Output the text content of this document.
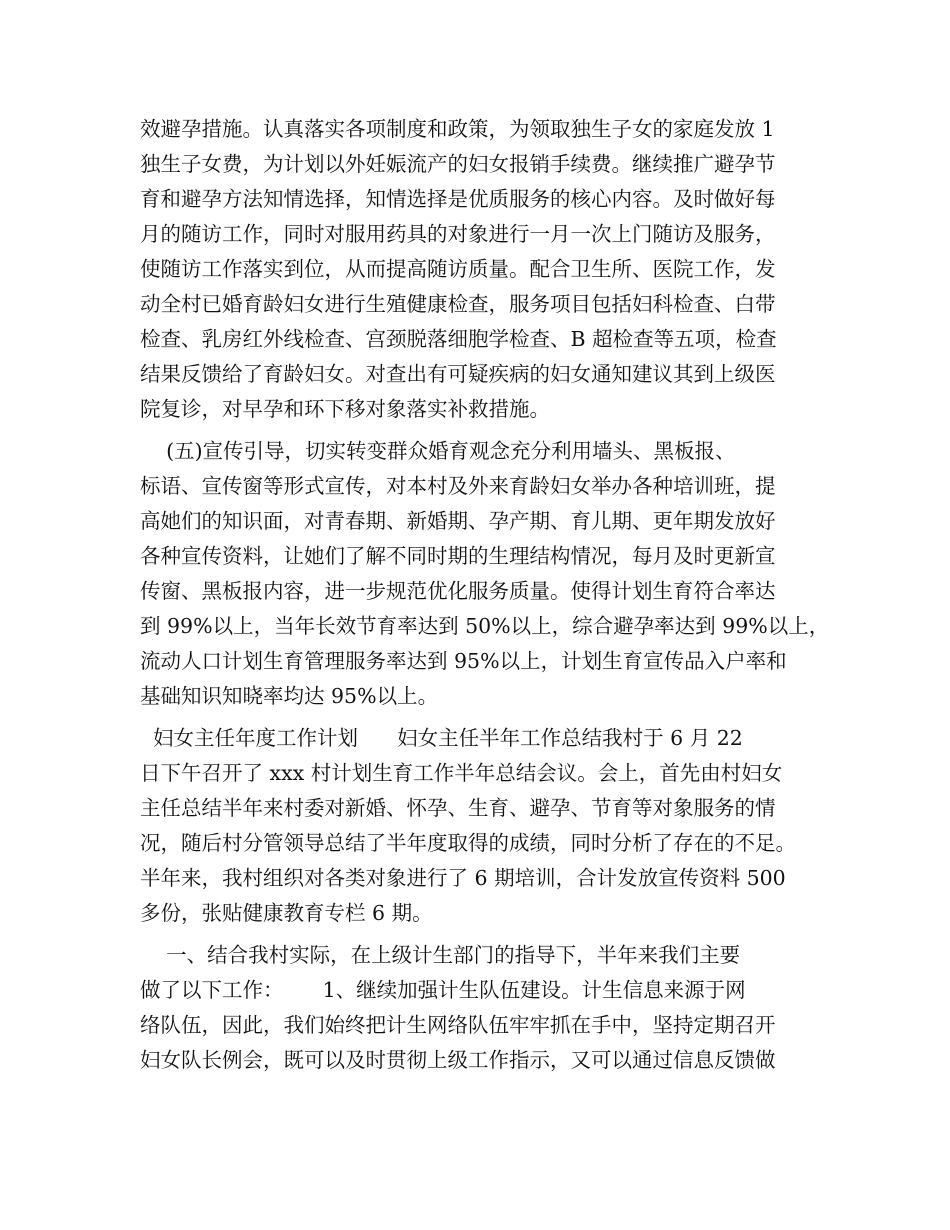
效避孕措施。认真落实各项制度和政策，为领取独生子女的家庭发放 1

独生子女费，为计划以外妊娠流产的妇女报销手续费。继续推广避孕节

育和避孕方法知情选择，知情选择是优质服务的核心内容。及时做好每

月的随访工作，同时对服用药具的对象进行一月一次上门随访及服务，

使随访工作落实到位，从而提高随访质量。配合卫生所、医院工作，发

动全村已婚育龄妇女进行生殖健康检查，服务项目包括妇科检查、白带

检查、乳房红外线检查、宫颈脱落细胞学检查、B 超检查等五项，检查

结果反馈给了育龄妇女。对查出有可疑疾病的妇女通知建议其到上级医

院复诊，对早孕和环下移对象落实补救措施。

(五)宣传引导，切实转变群众婚育观念充分利用墙头、黑板报、

标语、宣传窗等形式宣传，对本村及外来育龄妇女举办各种培训班，提

高她们的知识面，对青春期、新婚期、孕产期、育儿期、更年期发放好

各种宣传资料，让她们了解不同时期的生理结构情况，每月及时更新宣

传窗、黑板报内容，进一步规范优化服务质量。使得计划生育符合率达

到 99%以上，当年长效节育率达到 50%以上，综合避孕率达到 99%以上，

流动人口计划生育管理服务率达到 95%以上，计划生育宣传品入户率和

基础知识知晓率均达 95%以上。

妇女主任年度工作计划      妇女主任半年工作总结我村于 6 月 22

日下午召开了 xxx 村计划生育工作半年总结会议。会上，首先由村妇女

主任总结半年来村委对新婚、怀孕、生育、避孕、节育等对象服务的情

况，随后村分管领导总结了半年度取得的成绩，同时分析了存在的不足。

半年来，我村组织对各类对象进行了 6 期培训，合计发放宣传资料 500

多份，张贴健康教育专栏 6 期。

一、结合我村实际，在上级计生部门的指导下，半年来我们主要

做了以下工作：      1、继续加强计生队伍建设。计生信息来源于网

络队伍，因此，我们始终把计生网络队伍牢牢抓在手中，坚持定期召开

妇女队长例会，既可以及时贯彻上级工作指示，又可以通过信息反馈做
